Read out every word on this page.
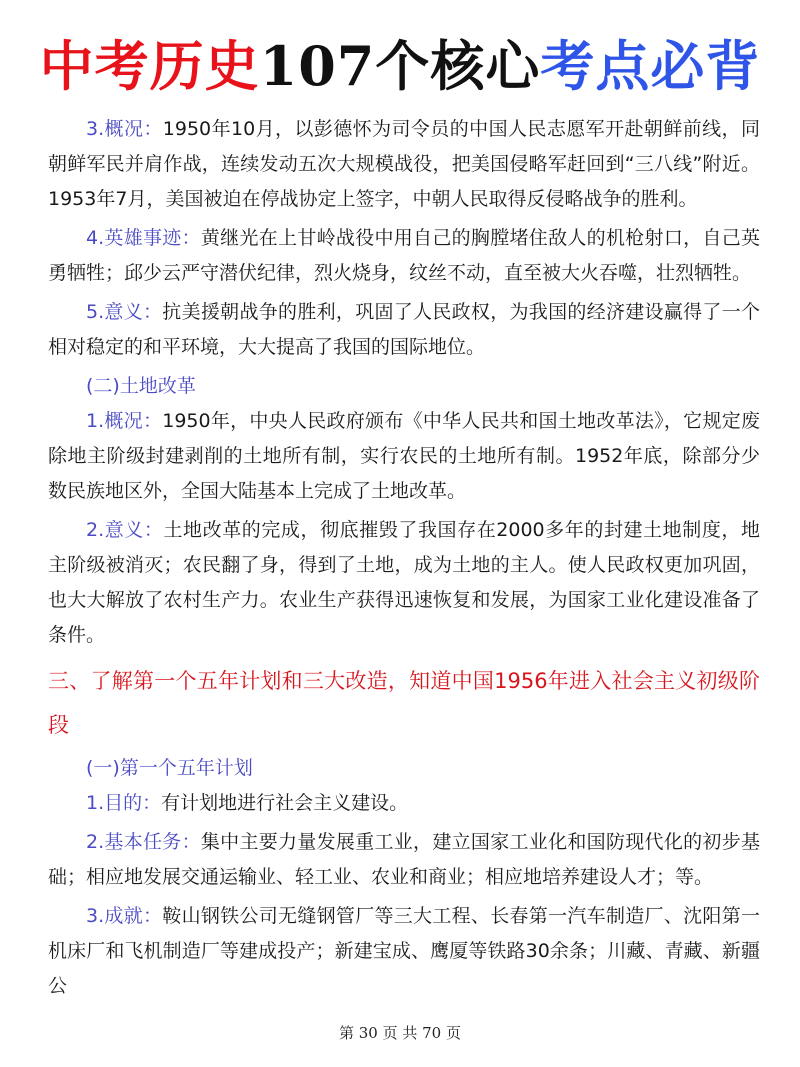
中考历史107个核心考点必背

3.概况：1950年10月，以彭德怀为司令员的中国人民志愿军开赴朝鲜前线，同朝鲜军民并肩作战，连续发动五次大规模战役，把美国侵略军赶回到“三八线”附近。1953年7月，美国被迫在停战协定上签字，中朝人民取得反侵略战争的胜利。

4.英雄事迹：黄继光在上甘岭战役中用自己的胸膛堵住敌人的机枪射口，自己英勇牺牲；邱少云严守潜伏纪律，烈火烧身，纹丝不动，直至被大火吞噬，壮烈牺牲。

5.意义：抗美援朝战争的胜利，巩固了人民政权，为我国的经济建设赢得了一个相对稳定的和平环境，大大提高了我国的国际地位。

(二)土地改革

1.概况：1950年，中央人民政府颁布《中华人民共和国土地改革法》，它规定废除地主阶级封建剥削的土地所有制，实行农民的土地所有制。1952年底，除部分少数民族地区外，全国大陆基本上完成了土地改革。

2.意义：土地改革的完成，彻底摧毁了我国存在2000多年的封建土地制度，地主阶级被消灭；农民翻了身，得到了土地，成为土地的主人。使人民政权更加巩固，也大大解放了农村生产力。农业生产获得迅速恢复和发展，为国家工业化建设准备了条件。

三、了解第一个五年计划和三大改造，知道中国1956年进入社会主义初级阶段

(一)第一个五年计划

1.目的：有计划地进行社会主义建设。

2.基本任务：集中主要力量发展重工业，建立国家工业化和国防现代化的初步基础；相应地发展交通运输业、轻工业、农业和商业；相应地培养建设人才；等。

3.成就：鞍山钢铁公司无缝钢管厂等三大工程、长春第一汽车制造厂、沈阳第一机床厂和飞机制造厂等建成投产；新建宝成、鹰厦等铁路30余条；川藏、青藏、新疆公

第 30 页 共 70 页
